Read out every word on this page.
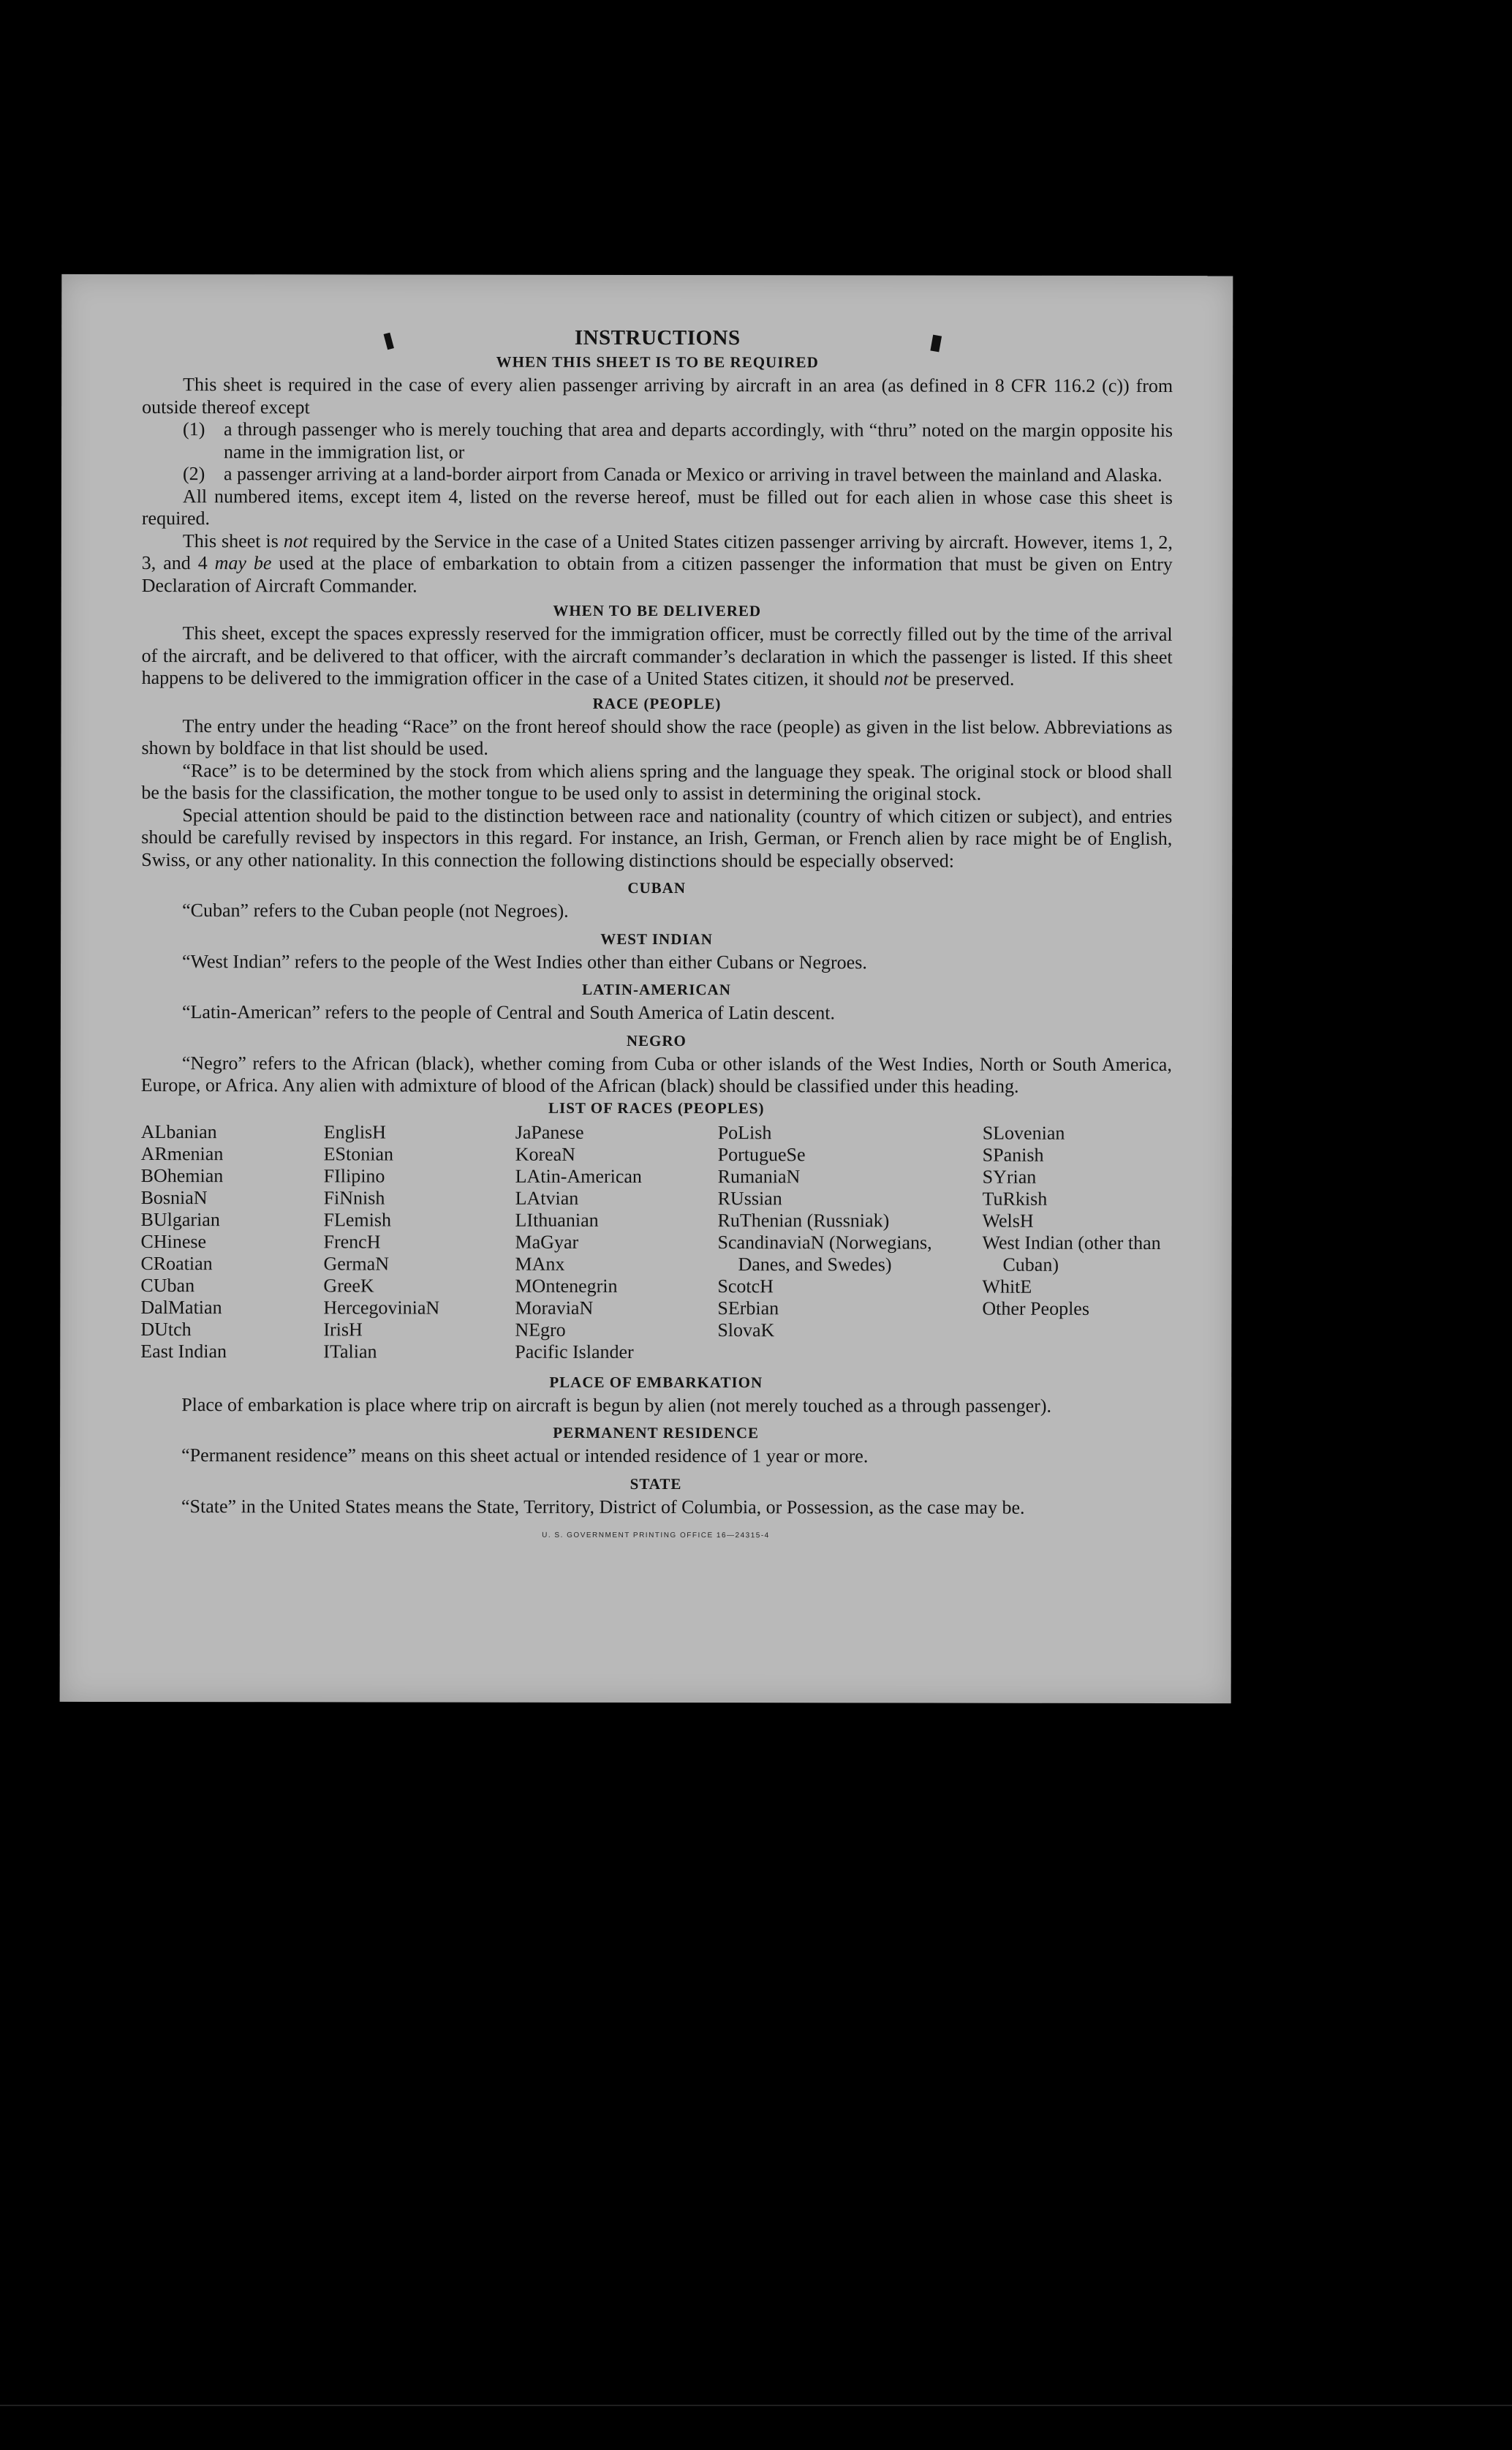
INSTRUCTIONS
WHEN THIS SHEET IS TO BE REQUIRED

This sheet is required in the case of every alien passenger arriving by aircraft in an area (as defined in 8 CFR 116.2 (c)) from outside thereof except

(1) a through passenger who is merely touching that area and departs accordingly, with “thru” noted on the margin opposite his name in the immigration list, or
(2) a passenger arriving at a land-border airport from Canada or Mexico or arriving in travel between the mainland and Alaska.

All numbered items, except item 4, listed on the reverse hereof, must be filled out for each alien in whose case this sheet is required.

This sheet is not required by the Service in the case of a United States citizen passenger arriving by aircraft. However, items 1, 2, 3, and 4 may be used at the place of embarkation to obtain from a citizen passenger the information that must be given on Entry Declaration of Aircraft Commander.

WHEN TO BE DELIVERED

This sheet, except the spaces expressly reserved for the immigration officer, must be correctly filled out by the time of the arrival of the aircraft, and be delivered to that officer, with the aircraft commander’s declaration in which the passenger is listed. If this sheet happens to be delivered to the immigration officer in the case of a United States citizen, it should not be preserved.

RACE (PEOPLE)

The entry under the heading “Race” on the front hereof should show the race (people) as given in the list below. Abbreviations as shown by boldface in that list should be used.

“Race” is to be determined by the stock from which aliens spring and the language they speak. The original stock or blood shall be the basis for the classification, the mother tongue to be used only to assist in determining the original stock.

Special attention should be paid to the distinction between race and nationality (country of which citizen or subject), and entries should be carefully revised by inspectors in this regard. For instance, an Irish, German, or French alien by race might be of English, Swiss, or any other nationality. In this connection the following distinctions should be especially observed:

CUBAN

“Cuban” refers to the Cuban people (not Negroes).

WEST INDIAN

“West Indian” refers to the people of the West Indies other than either Cubans or Negroes.

LATIN-AMERICAN

“Latin-American” refers to the people of Central and South America of Latin descent.

NEGRO

“Negro” refers to the African (black), whether coming from Cuba or other islands of the West Indies, North or South America, Europe, or Africa. Any alien with admixture of blood of the African (black) should be classified under this heading.

LIST OF RACES (PEOPLES)
ALbanian
ARmenian
BOhemian
BosniaN
BUlgarian
CHinese
CRoatian
CUban
DalMatian
DUtch
East Indian
EnglisH
EStonian
FIlipino
FiNnish
FLemish
FrencH
GermaN
GreeK
HercegoviniaN
IrisH
ITalian
JaPanese
KoreaN
LAtin-American
LAtvian
LIthuanian
MaGyar
MAnx
MOntenegrin
MoraviaN
NEgro
Pacific Islander
PoLish
PortugueSe
RumaniaN
RUssian
RuThenian (Russniak)
ScandinaviaN (Norwegians, Danes, and Swedes)
ScotcH
SErbian
SlovaK
SLovenian
SPanish
SYrian
TuRkish
WelsH
West Indian (other than Cuban)
WhitE
Other Peoples
PLACE OF EMBARKATION

Place of embarkation is place where trip on aircraft is begun by alien (not merely touched as a through passenger).

PERMANENT RESIDENCE

“Permanent residence” means on this sheet actual or intended residence of 1 year or more.

STATE

“State” in the United States means the State, Territory, District of Columbia, or Possession, as the case may be.

U. S. GOVERNMENT PRINTING OFFICE 16—24315-4
